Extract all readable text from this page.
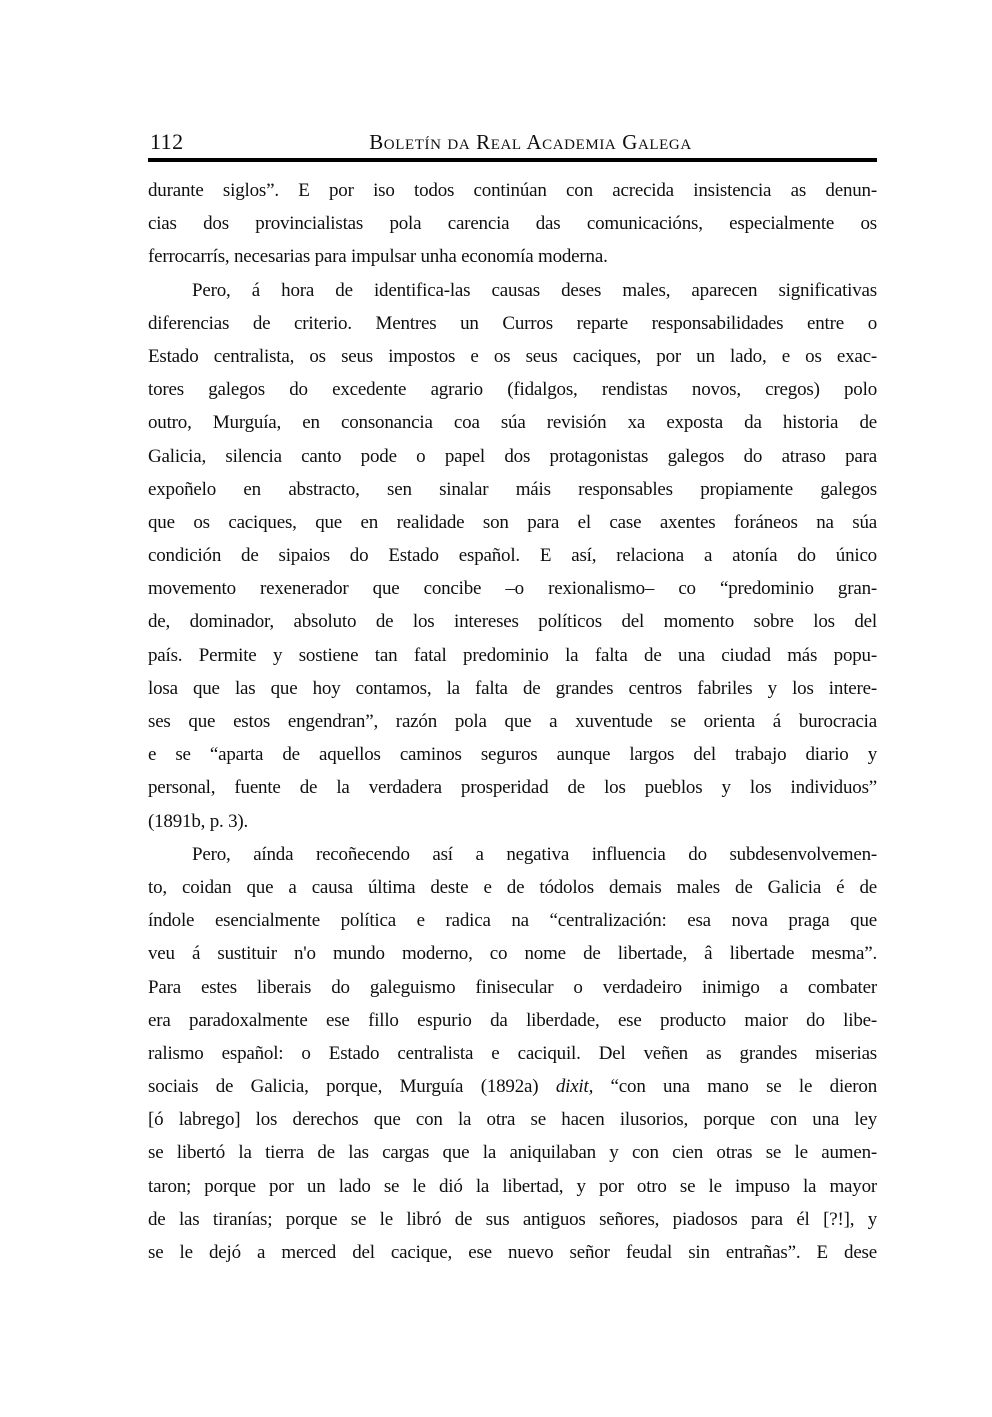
112	Boletín da Real Academia Galega
durante siglos”. E por iso todos continúan con acrecida insistencia as denun-
cias dos provincialistas pola carencia das comunicacións, especialmente os
ferrocarrís, necesarias para impulsar unha economía moderna.
Pero, á hora de identifica-las causas deses males, aparecen significativas
diferencias de criterio. Mentres un Curros reparte responsabilidades entre o
Estado centralista, os seus impostos e os seus caciques, por un lado, e os exac-
tores galegos do excedente agrario (fidalgos, rendistas novos, cregos) polo
outro, Murguía, en consonancia coa súa revisión xa exposta da historia de
Galicia, silencia canto pode o papel dos protagonistas galegos do atraso para
expoñelo en abstracto, sen sinalar máis responsables propiamente galegos
que os caciques, que en realidade son para el case axentes foráneos na súa
condición de sipaios do Estado español. E así, relaciona a atonía do único
movemento rexenerador que concibe –o rexionalismo– co “predominio gran-
de, dominador, absoluto de los intereses políticos del momento sobre los del
país. Permite y sostiene tan fatal predominio la falta de una ciudad más popu-
losa que las que hoy contamos, la falta de grandes centros fabriles y los intere-
ses que estos engendran”, razón pola que a xuventude se orienta á burocracia
e se “aparta de aquellos caminos seguros aunque largos del trabajo diario y
personal, fuente de la verdadera prosperidad de los pueblos y los individuos”
(1891b, p. 3).
Pero, aínda recoñecendo así a negativa influencia do subdesenvolvemen-
to, coidan que a causa última deste e de tódolos demais males de Galicia é de
índole esencialmente política e radica na “centralización: esa nova praga que
veu á sustituir n'o mundo moderno, co nome de libertade, â libertade mesma”.
Para estes liberais do galeguismo finisecular o verdadeiro inimigo a combater
era paradoxalmente ese fillo espurio da liberdade, ese producto maior do libe-
ralismo español: o Estado centralista e caciquil. Del veñen as grandes miserias
sociais de Galicia, porque, Murguía (1892a) dixit, “con una mano se le dieron
[ó labrego] los derechos que con la otra se hacen ilusorios, porque con una ley
se libertó la tierra de las cargas que la aniquilaban y con cien otras se le aumen-
taron; porque por un lado se le dió la libertad, y por otro se le impuso la mayor
de las tiranías; porque se le libró de sus antiguos señores, piadosos para él [?!], y
se le dejó a merced del cacique, ese nuevo señor feudal sin entrañas”. E dese
